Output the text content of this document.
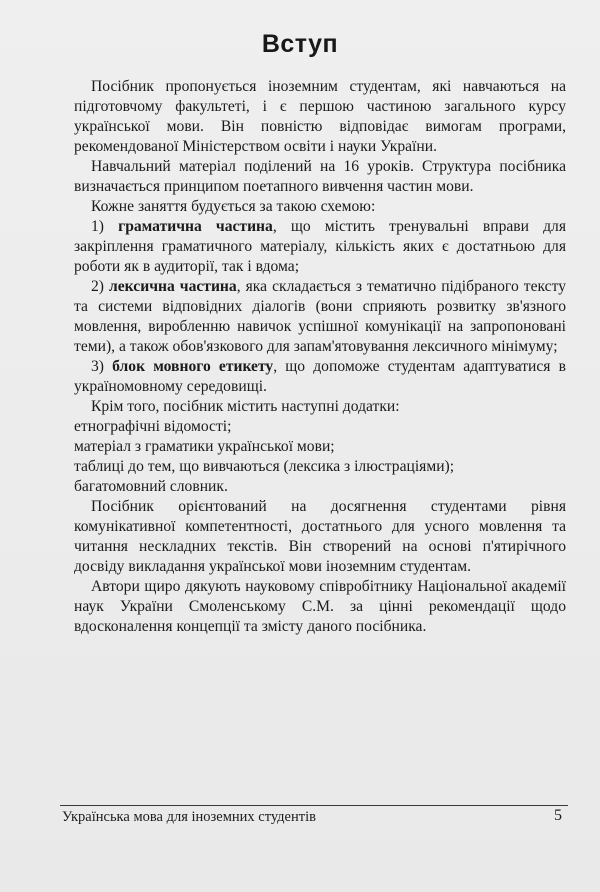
Вступ

Посібник пропонується іноземним студентам, які навчаються на підготовчому факультеті, і є першою частиною загального курсу української мови. Він повністю відповідає вимогам програми, рекомендованої Міністерством освіти і науки України.

Навчальний матеріал поділений на 16 уроків. Структура посібника визначається принципом поетапного вивчення частин мови.

Кожне заняття будується за такою схемою:

1) граматична частина, що містить тренувальні вправи для закріплення граматичного матеріалу, кількість яких є достатньою для роботи як в аудиторії, так і вдома;

2) лексична частина, яка складається з тематично підібраного тексту та системи відповідних діалогів (вони сприяють розвитку зв'язного мовлення, виробленню навичок успішної комунікації на запропоновані теми), а також обов'язкового для запам'ятовування лексичного мінімуму;

3) блок мовного етикету, що допоможе студентам адаптуватися в україномовному середовищі.

Крім того, посібник містить наступні додатки:

етнографічні відомості;

матеріал з граматики української мови;

таблиці до тем, що вивчаються (лексика з ілюстраціями);

багатомовний словник.

Посібник орієнтований на досягнення студентами рівня комунікативної компетентності, достатнього для усного мовлення та читання нескладних текстів. Він створений на основі п'ятирічного досвіду викладання української мови іноземним студентам.

Автори щиро дякують науковому співробітнику Національної академії наук України Смоленському С.М. за цінні рекомендації щодо вдосконалення концепції та змісту даного посібника.

Українська мова для іноземних студентів	5
